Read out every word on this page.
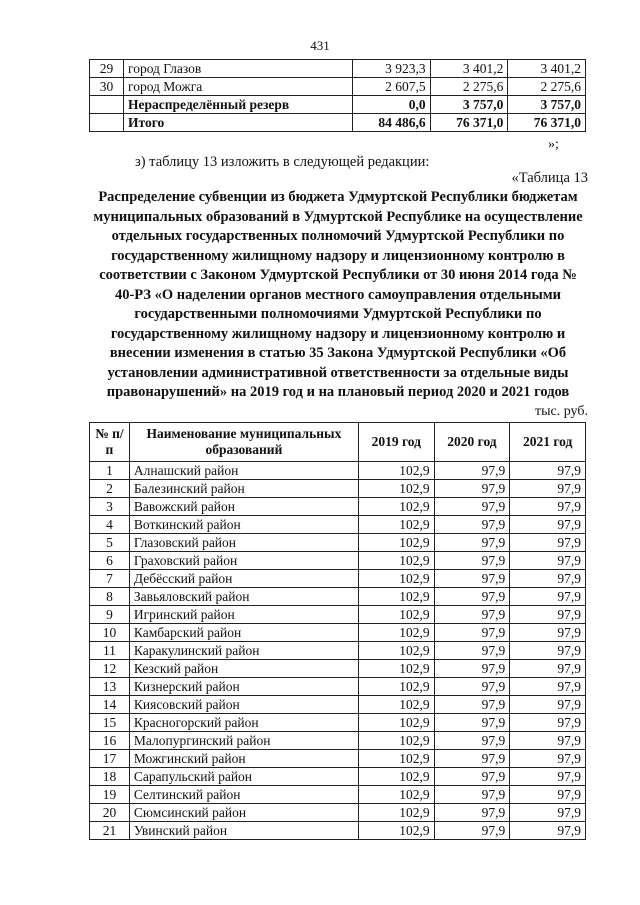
431
29	город Глазов	3 923,3	3 401,2	3 401,2
30	город Можга	2 607,5	2 275,6	2 275,6
	Нераспределённый резерв	0,0	3 757,0	3 757,0
	Итого	84 486,6	76 371,0	76 371,0
»;
з) таблицу 13 изложить в следующей редакции:
«Таблица 13
Распределение субвенции из бюджета Удмуртской Республики бюджетам муниципальных образований в Удмуртской Республике на осуществление отдельных государственных полномочий Удмуртской Республики по государственному жилищному надзору и лицензионному контролю в соответствии с Законом Удмуртской Республики от 30 июня 2014 года № 40-РЗ «О наделении органов местного самоуправления отдельными государственными полномочиями Удмуртской Республики по государственному жилищному надзору и лицензионному контролю и внесении изменения в статью 35 Закона Удмуртской Республики «Об установлении административной ответственности за отдельные виды правонарушений» на 2019 год и на плановый период 2020 и 2021 годов
тыс. руб.
№ п/п	Наименование муниципальных образований	2019 год	2020 год	2021 год
1	Алнашский район	102,9	97,9	97,9
2	Балезинский район	102,9	97,9	97,9
3	Вавожский район	102,9	97,9	97,9
4	Воткинский район	102,9	97,9	97,9
5	Глазовский район	102,9	97,9	97,9
6	Граховский район	102,9	97,9	97,9
7	Дебёсский район	102,9	97,9	97,9
8	Завьяловский район	102,9	97,9	97,9
9	Игринский район	102,9	97,9	97,9
10	Камбарский район	102,9	97,9	97,9
11	Каракулинский район	102,9	97,9	97,9
12	Кезский район	102,9	97,9	97,9
13	Кизнерский район	102,9	97,9	97,9
14	Киясовский район	102,9	97,9	97,9
15	Красногорский район	102,9	97,9	97,9
16	Малопургинский район	102,9	97,9	97,9
17	Можгинский район	102,9	97,9	97,9
18	Сарапульский район	102,9	97,9	97,9
19	Селтинский район	102,9	97,9	97,9
20	Сюмсинский район	102,9	97,9	97,9
21	Увинский район	102,9	97,9	97,9
